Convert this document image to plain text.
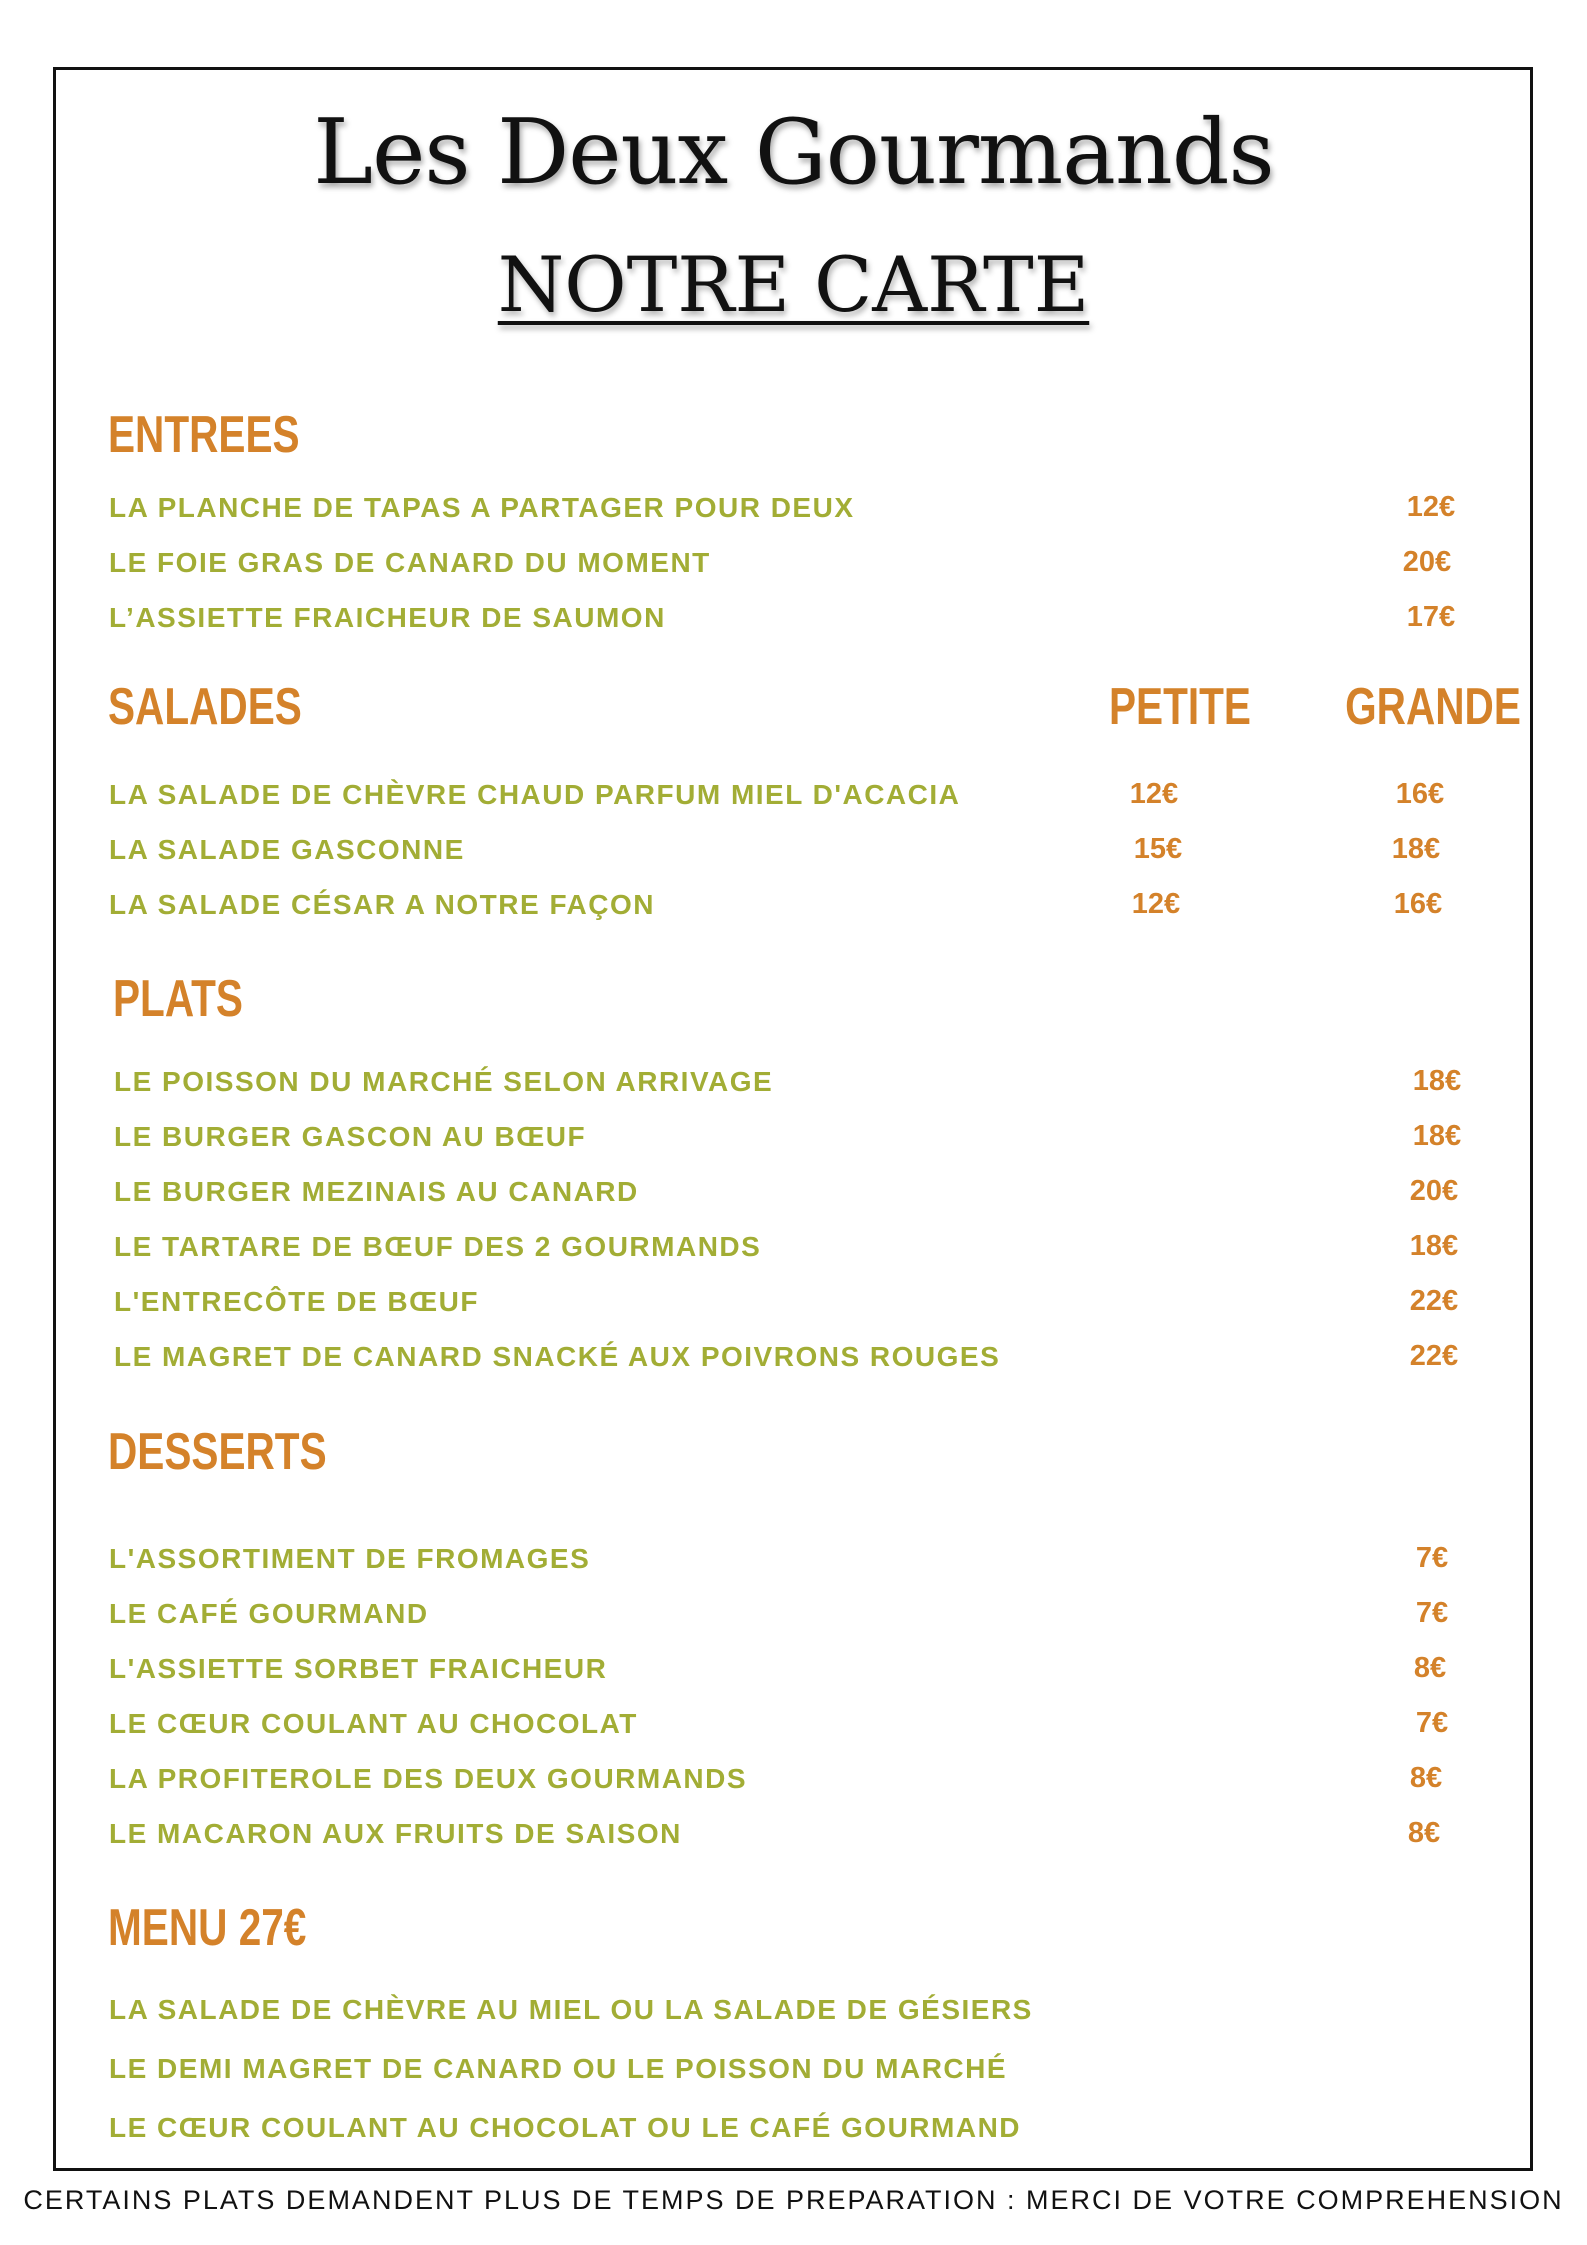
Les Deux Gourmands
NOTRE CARTE
ENTREES
LA PLANCHE DE TAPAS A PARTAGER POUR DEUX	12€
LE FOIE GRAS DE CANARD DU MOMENT	20€
L’ASSIETTE FRAICHEUR DE SAUMON	17€
SALADES	PETITE GRANDE
LA SALADE DE CHÈVRE CHAUD PARFUM MIEL D'ACACIA	12€	16€
LA SALADE GASCONNE	15€	18€
LA SALADE CÉSAR A NOTRE FAÇON	12€	16€
PLATS
LE POISSON DU MARCHÉ SELON ARRIVAGE	18€
LE BURGER GASCON AU BŒUF	18€
LE BURGER MEZINAIS AU CANARD	20€
LE TARTARE DE BŒUF DES 2 GOURMANDS	18€
L'ENTRECÔTE DE BŒUF	22€
LE MAGRET DE CANARD SNACKÉ AUX POIVRONS ROUGES	22€
DESSERTS
L'ASSORTIMENT DE FROMAGES	7€
LE CAFÉ GOURMAND	7€
L'ASSIETTE SORBET FRAICHEUR	8€
LE CŒUR COULANT AU CHOCOLAT	7€
LA PROFITEROLE DES DEUX GOURMANDS	8€
LE MACARON AUX FRUITS DE SAISON	8€
MENU 27€
LA SALADE DE CHÈVRE AU MIEL OU LA SALADE DE GÉSIERS
LE DEMI MAGRET DE CANARD OU LE POISSON DU MARCHÉ
LE CŒUR COULANT AU CHOCOLAT OU LE CAFÉ GOURMAND
CERTAINS PLATS DEMANDENT PLUS DE TEMPS DE PREPARATION : MERCI DE VOTRE COMPREHENSION
